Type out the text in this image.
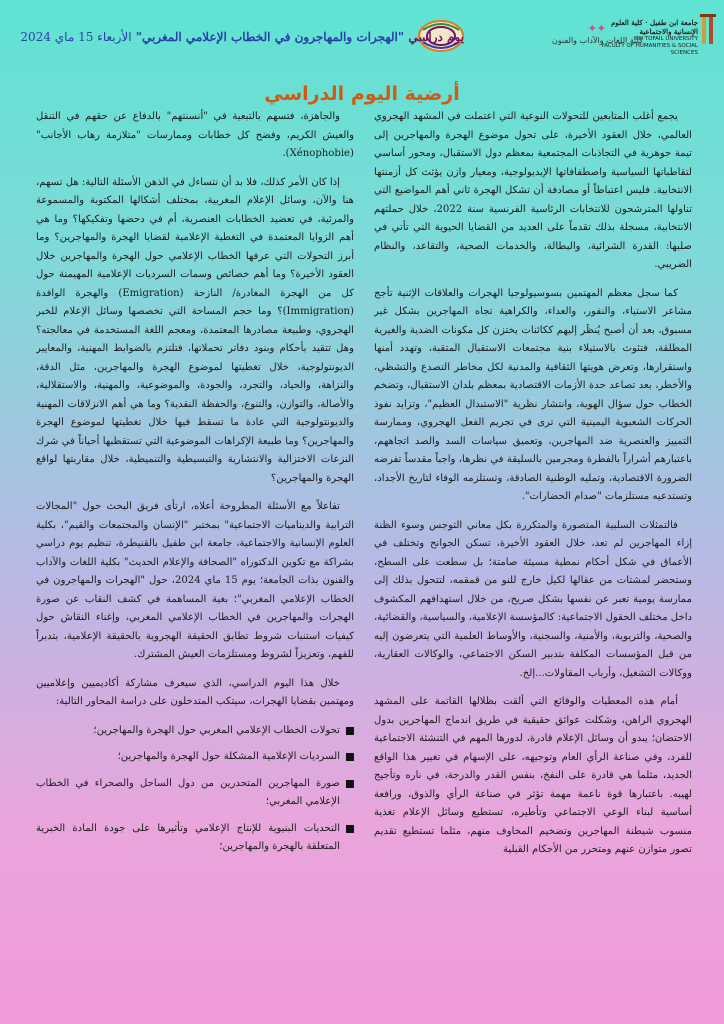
جامعة ابن طفيل · كلية العلوم الإنسانية والاجتماعية
IBN TOFAIL UNIVERSITY
FACULTY OF HUMANITIES & SOCIAL SCIENCES
✦✦
كلية اللغات والآداب والفنون
يوم دراسي "الهجرات والمهاجرون في الخطاب الإعلامي المغربي" الأربعاء 15 ماي 2024
أرضية اليوم الدراسي

يجمع أغلب المتابعين للتحولات النوعية التي اعتملت في المشهد الهجروي العالمي، خلال العقود الأخيرة، على تحول موضوع الهجرة والمهاجرين إلى تيمة جوهرية في التجاذبات المجتمعية بمعظم دول الاستقبال، ومحور أساسي لتقاطباتها السياسية واصطفافاتها الإيديولوجية، ومعيار وازن يؤثث كل أزمنتها الانتخابية. فليس اعتباطاً أو مصادفة أن تشكل الهجرة ثاني أهم المواضيع التي تناولها المترشحون للانتخابات الرئاسية الفرنسية سنة 2022، خلال حملتهم الانتخابية، مسجلة بذلك تقدماً على العديد من القضايا الحيوية التي تأتي في صلبها: القدرة الشرائية، والبطالة، والخدمات الصحية، والتقاعد، والنظام الضريبي.

كما سجل معظم المهتمين بسوسيولوجيا الهجرات والعلاقات الإثنية تأجج مشاعر الاستياء، والنفور، والعداء، والكراهية تجاه المهاجرين بشكل غير مسبوق، بعد أن أصبح يُنظَر إليهم ككائنات يختزن كل مكونات الضدية والغيرية المطلقة، فتئوث بالاستيلاء بنية مجتمعات الاستقبال المتقبة، وتهدد أمنها واستقرارها، وتعرض هويتها الثقافية والمدنية لكل مخاطر التصدع والتشظي، والأخطر، بعد تصاعد حدة الأزمات الاقتصادية بمعظم بلدان الاستقبال، وتضخم الخطاب حول سؤال الهوية، وانتشار نظرية "الاستبدال العظيم"، وتزايد نفوذ الحركات الشعبوية اليمينية التي ترى في تجريم الفعل الهجروي، وممارسة التمييز والعنصرية ضد المهاجرين، وتعميق سياسات السد والصد اتجاههم، باعتبارهم أشراراً بالفطرة ومجرمين بالسليقة في نظرها، واجباً مقدساً تفرضه الضرورة الاقتصادية، وتمليه الوطنية الصادقة، وتستلزمه الوفاء لتاريخ الأجداد، وتستدعيه مستلزمات "صدام الحضارات".

فالتمثلات السلبية المتصورة والمتكررة بكل معاني التوجس وسوء الظنة إزاء المهاجرين لم تعد، خلال العقود الأخيرة، تسكن الجوانح وتختلف في الأعماق في شكل أحكام نمطية مسيئة صامتة؛ بل سطعت على السطح، وستحضر لمشتات من عقالها لكيل خارج للنو من قمقمه، لتتحول بذلك إلى ممارسة يومية تعبر عن نفسها بشكل صريح، من خلال استهدافهم المكشوف داخل مختلف الحقول الاجتماعية: كالمؤسسة الإعلامية، والسياسية، والقضائية، والصحية، والتربوية، والأمنية، والسجنية، والأوساط العلمية التي يتعرضون إليه من قبل المؤسسات المكلفة بتدبير السكن الاجتماعي، والوكالات العقارية، ووكالات التشغيل، وأرباب المقاولات...إلخ.

أمام هذه المعطيات والوقائع التي ألقت بظلالها القاتمة على المشهد الهجروي الراهن، وشكلت عوائق حقيقية في طريق اندماج المهاجرين بدول الاحتضان؛ يبدو أن وسائل الإعلام قادرة، لدورها المهم في التنشئة الاجتماعية للفرد، وفي صناعة الرأي العام وتوجيهه، على الإسهام في تغيير هذا الواقع الجديد، مثلما هي قادرة على النفخ، بنفس القدر والدرجة، في ناره وتأجيج لهيبه. باعتبارها قوة ناعمة مهمة تؤثر في صناعة الرأي والذوق، ورافعة أساسية لبناء الوعي الاجتماعي وتأطيره، تستطيع وسائل الإعلام تغذية منسوب شيطنة المهاجرين وتضخيم المخاوف منهم، مثلما تستطيع تقديم تصور متوازن عنهم ومتحرر من الأحكام القبلية

والجاهزة، فتسهم بالتبعية في "أنسنتهم" بالدفاع عن حقهم في التنقل والعيش الكريم، وفضح كل خطابات وممارسات "متلازمة رهاب الأجانب" (Xénophobie).

إذا كان الأمر كذلك، فلا بد أن نتساءل في الذهن الأسئلة التالية: هل تسهم، هنا والآن، وسائل الإعلام المغربية، بمختلف أشكالها المكتوبة والمسموعة والمرئية، في تعضيد الخطابات العنصرية، أم في دحضها وتفكيكها؟ وما هي أهم الزوايا المعتمدة في التغطية الإعلامية لقضايا الهجرة والمهاجرين؟ وما أبرز التحولات التي عرفها الخطاب الإعلامي حول الهجرة والمهاجرين خلال العقود الأخيرة؟ وما أهم خصائص وسمات السرديات الإعلامية المهيمنة حول كل من الهجرة المغادرة/ النازحة (Emigration) والهجرة الوافدة (Immigration)؟ وما حجم المساحة التي تخصصها وسائل الإعلام للخبر الهجروي، وطبيعة مصادرها المعتمدة، ومعجم اللغة المستخدمة في معالجته؟ وهل تتقيد بأحكام وبنود دفاتر تحملاتها، فتلتزم بالضوابط المهنية، والمعايير الديونتولوجية، خلال تغطيتها لموضوع الهجرة والمهاجرين، مثل الدقة، والنزاهة، والحياد، والتجرد، والجودة، والموضوعية، والمهنية، والاستقلالية، والأصالة، والتوازن، والتنوع، والحفظة النقدية؟ وما هي أهم الانزلاقات المهنية والديونتولوجية التي عادة ما تسقط فيها خلال تغطيتها لموضوع الهجرة والمهاجرين؟ وما طبيعة الإكراهات الموضوعية التي تستقطبها أحياناً في شرك النزعات الاختزالية والانتشارية والتبسيطية والتنميطية، خلال مقاربتها لواقع الهجرة والمهاجرين؟

تفاعلاً مع الأسئلة المطروحة أعلاه، ارتأى فريق البحث حول "المجالات الترابية والديناميات الاجتماعية" بمختبر "الإنسان والمجتمعات والقيم"، بكلية العلوم الإنسانية والاجتماعية، جامعة ابن طفيل بالقنيطرة، تنظيم يوم دراسي بشراكة مع تكوين الدكتوراه "الصحافة والإعلام الحديث" بكلية اللغات والآداب والفنون بذات الجامعة؛ يوم 15 ماي 2024، حول "الهجرات والمهاجرون في الخطاب الإعلامي المغربي"؛ بغية المساهمة في كشف النقاب عن صورة الهجرات والمهاجرين في الخطاب الإعلامي المغربي، وإغناء النقاش حول كيفيات استنبات شروط تطابق الحقيقة الهجروية بالحقيقة الإعلامية، بتدبراً للفهم، وتعزيزاً لشروط ومستلزمات العيش المشترك.

خلال هذا اليوم الدراسي، الذي سيعرف مشاركة أكاديميين وإعلاميين ومهتمين بقضايا الهجرات، سيتكب المتدخلون على دراسة المحاور التالية:

تحولات الخطاب الإعلامي المغربي حول الهجرة والمهاجرين؛
السرديات الإعلامية المشكلة حول الهجرة والمهاجرين؛
صورة المهاجرين المتحدرين من دول الساحل والصحراء في الخطاب الإعلامي المغربي؛
التحديات البنيوية للإنتاج الإعلامي وتأثيرها على جودة المادة الخبرية المتعلقة بالهجرة والمهاجرين؛
